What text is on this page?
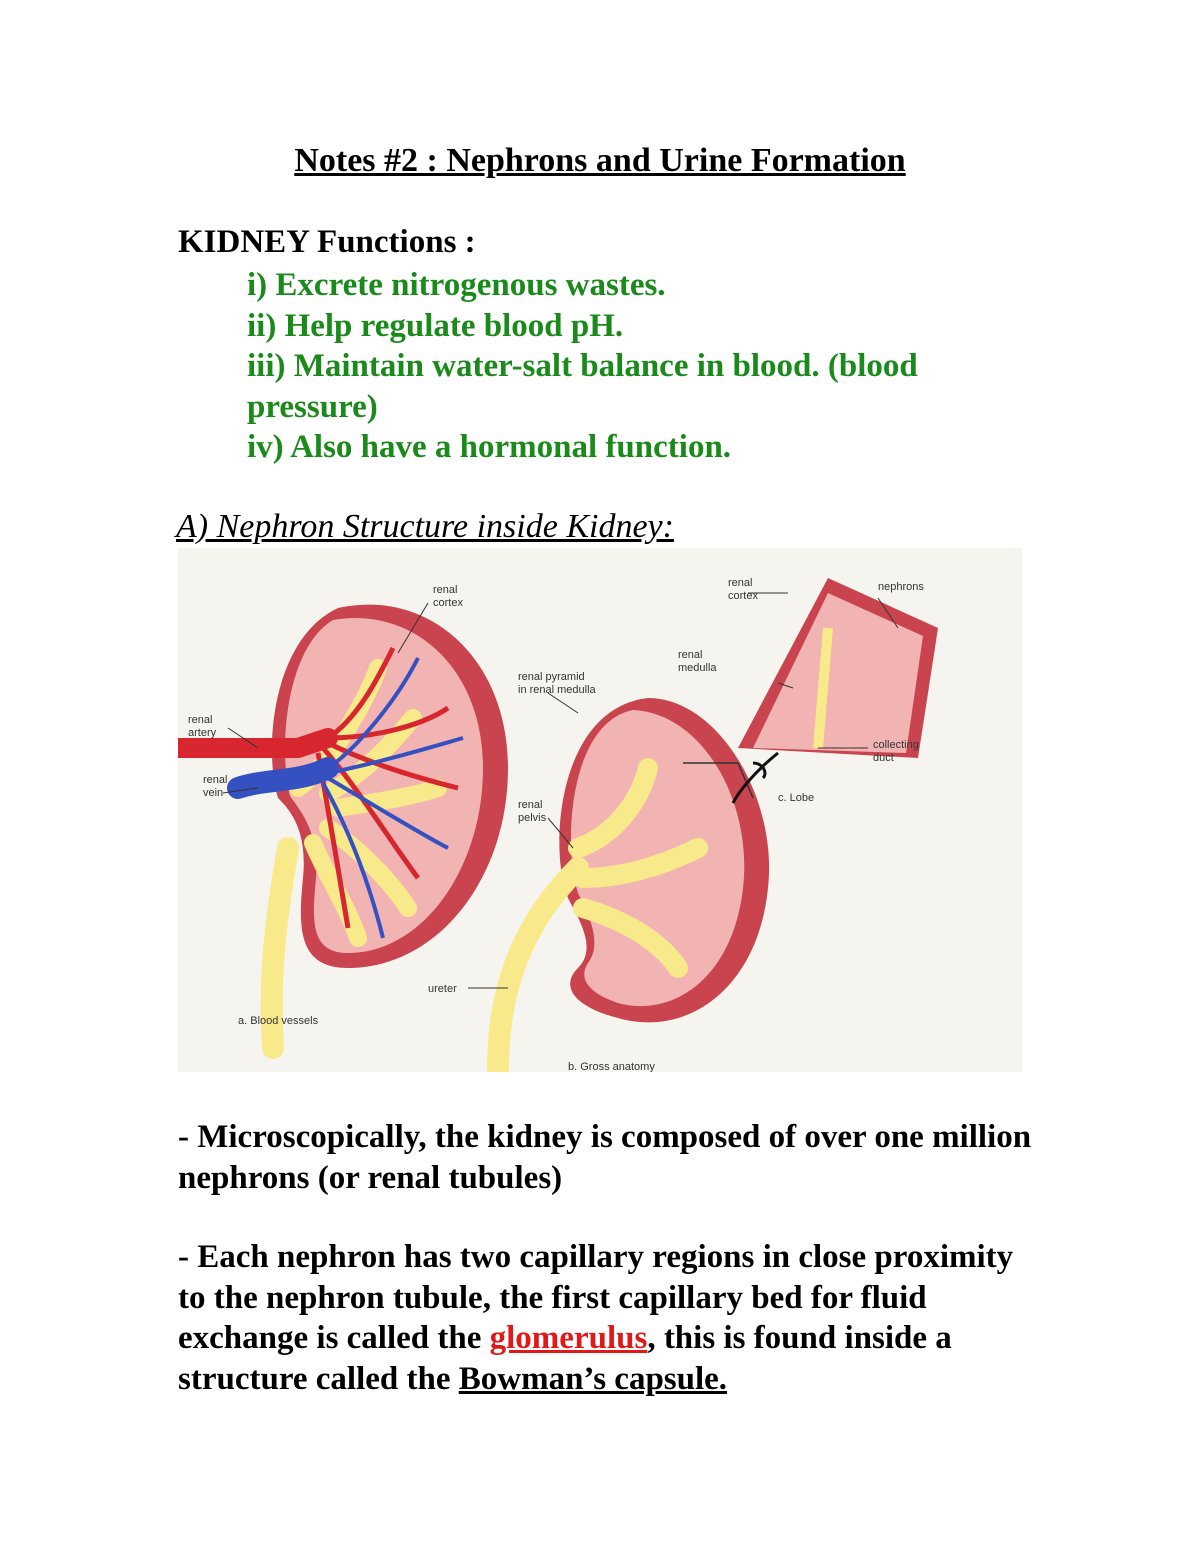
Notes #2 : Nephrons and Urine Formation

KIDNEY Functions :

i) Excrete nitrogenous wastes.
ii) Help regulate blood pH.
iii) Maintain water-salt balance in blood. (blood pressure)
iv) Also have a hormonal function.

A) Nephron Structure inside Kidney:

renal
cortex
renal
artery
renal
vein
renal pyramid
in renal medulla
renal
pelvis
ureter
a. Blood vessels
b. Gross anatomy
c. Lobe
renal
cortex
renal
medulla
nephrons
collecting
duct

- Microscopically, the kidney is composed of over one million nephrons (or renal tubules)

- Each nephron has two capillary regions in close proximity to the nephron tubule, the first capillary bed for fluid exchange is called the glomerulus, this is found inside a structure called the Bowman’s capsule.
